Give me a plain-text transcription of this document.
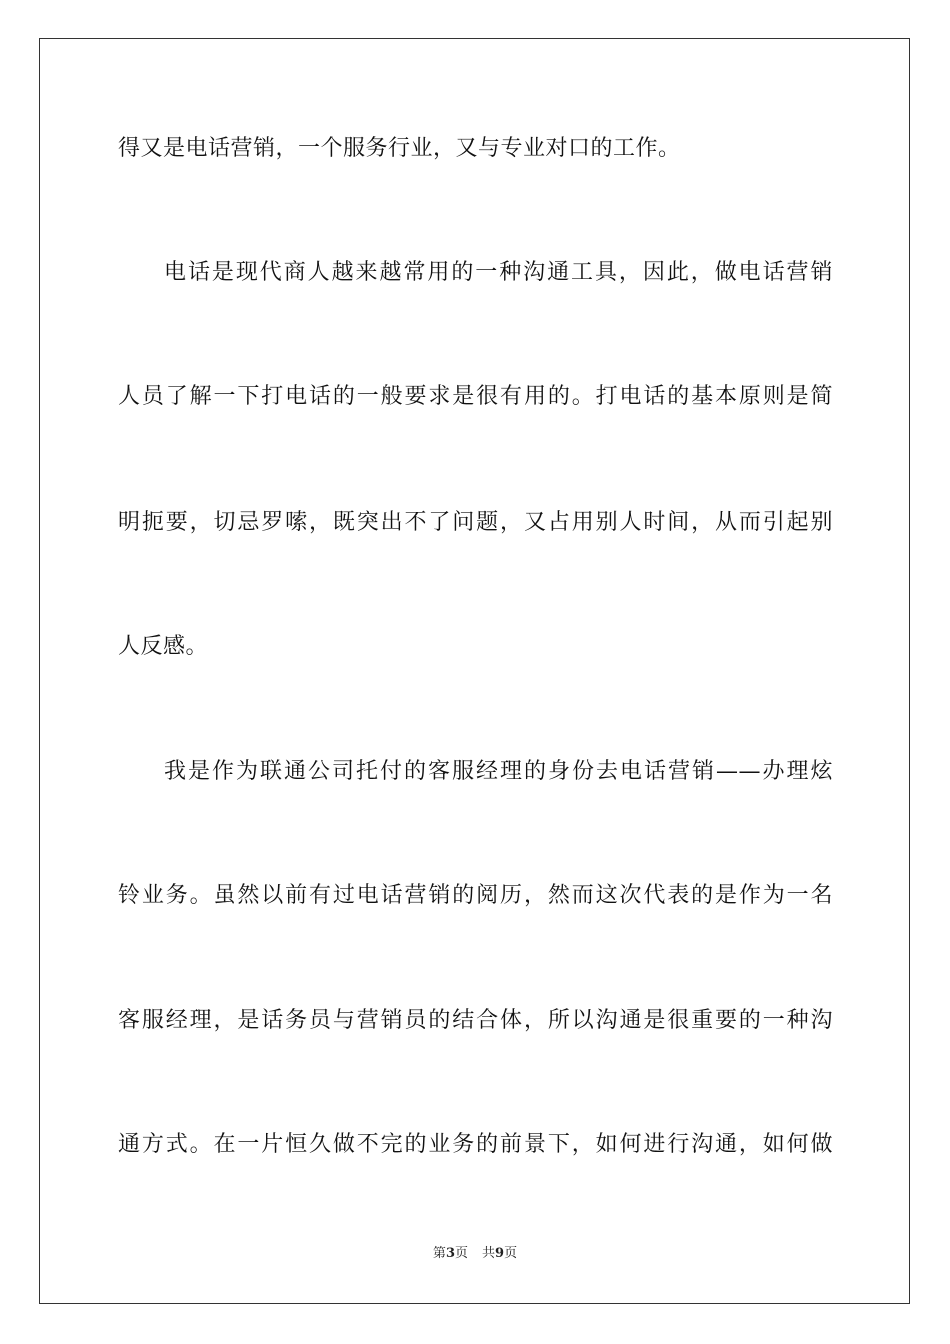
得又是电话营销，一个服务行业，又与专业对口的工作。
电话是现代商人越来越常用的一种沟通工具，因此，做电话营销
人员了解一下打电话的一般要求是很有用的。打电话的基本原则是简
明扼要，切忌罗嗦，既突出不了问题，又占用别人时间，从而引起别
人反感。
我是作为联通公司托付的客服经理的身份去电话营销——办理炫
铃业务。虽然以前有过电话营销的阅历，然而这次代表的是作为一名
客服经理，是话务员与营销员的结合体，所以沟通是很重要的一种沟
通方式。在一片恒久做不完的业务的前景下，如何进行沟通，如何做
第3页 共9页
